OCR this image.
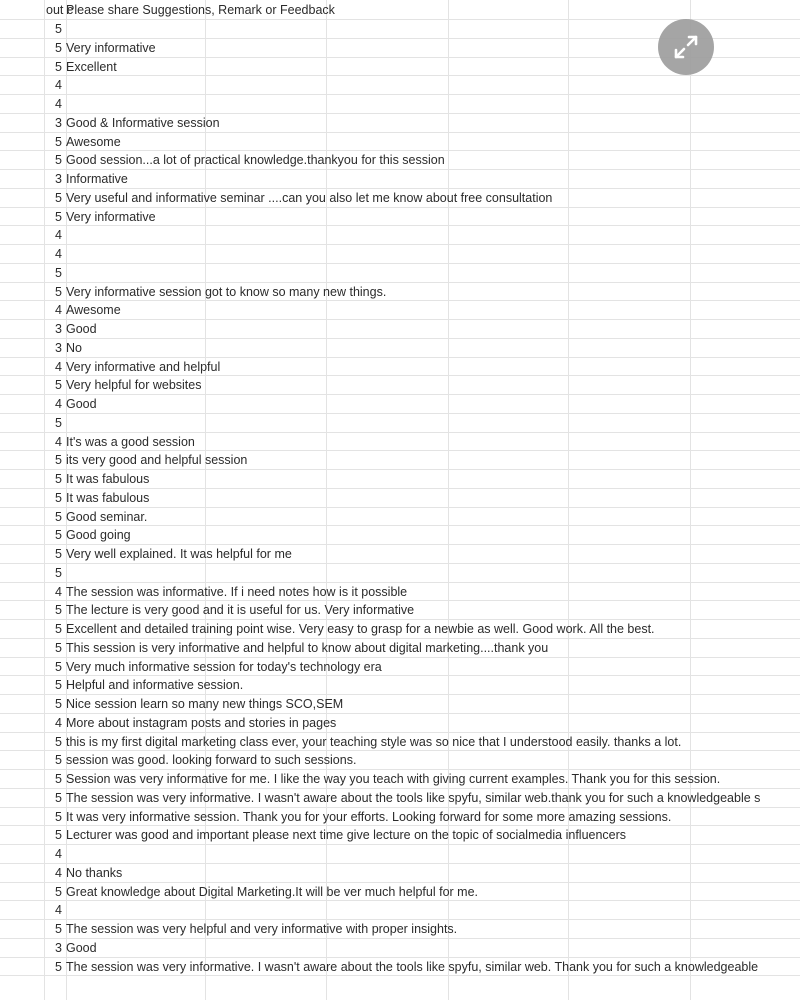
out c
Please share Suggestions, Remark or Feedback
5
5 Very informative
5 Excellent
4
4
3 Good & Informative session
5 Awesome
5 Good session...a lot of practical knowledge.thankyou for this session
3 Informative
5 Very useful and informative seminar ....can you also let me know about free consultation
5 Very informative
4
4
5
5 Very informative session got to know so many new things.
4 Awesome
3 Good
3 No
4 Very informative and helpful
5 Very helpful for websites
4 Good
5
4 It's was a good session
5 its very good and helpful session
5 It was fabulous
5 It was fabulous
5 Good seminar.
5 Good going
5 Very well explained. It was helpful for me
5
4 The session was informative. If i need notes how is it possible
5 The lecture is very good and it is useful for us. Very informative
5 Excellent and detailed training point wise. Very easy to grasp for a newbie as well. Good work. All the best.
5 This session is very informative and helpful to know about digital marketing....thank you
5 Very much informative session for today's technology era
5 Helpful and informative session.
5 Nice session learn so many new things SCO,SEM
4 More about instagram posts and stories in pages
5 this is my first digital marketing class ever, your teaching style was so nice that I understood easily. thanks a lot.
5 session was good. looking forward to such sessions.
5 Session was very informative for me. I like the way you teach with giving current examples. Thank you for this session.
5 The session was very informative. I wasn't aware about the tools like spyfu, similar web.thank you for such a knowledgeable s
5 It was very informative session. Thank you for your efforts. Looking forward for some more amazing sessions.
5 Lecturer was good and important please next time give lecture on the topic of socialmedia influencers
4
4 No thanks
5 Great knowledge about Digital Marketing.It will be ver much helpful for me.
4
5 The session was very helpful and very informative with proper insights.
3 Good
5 The session was very informative. I wasn't aware about the tools like spyfu, similar web. Thank you for such a knowledgeable
